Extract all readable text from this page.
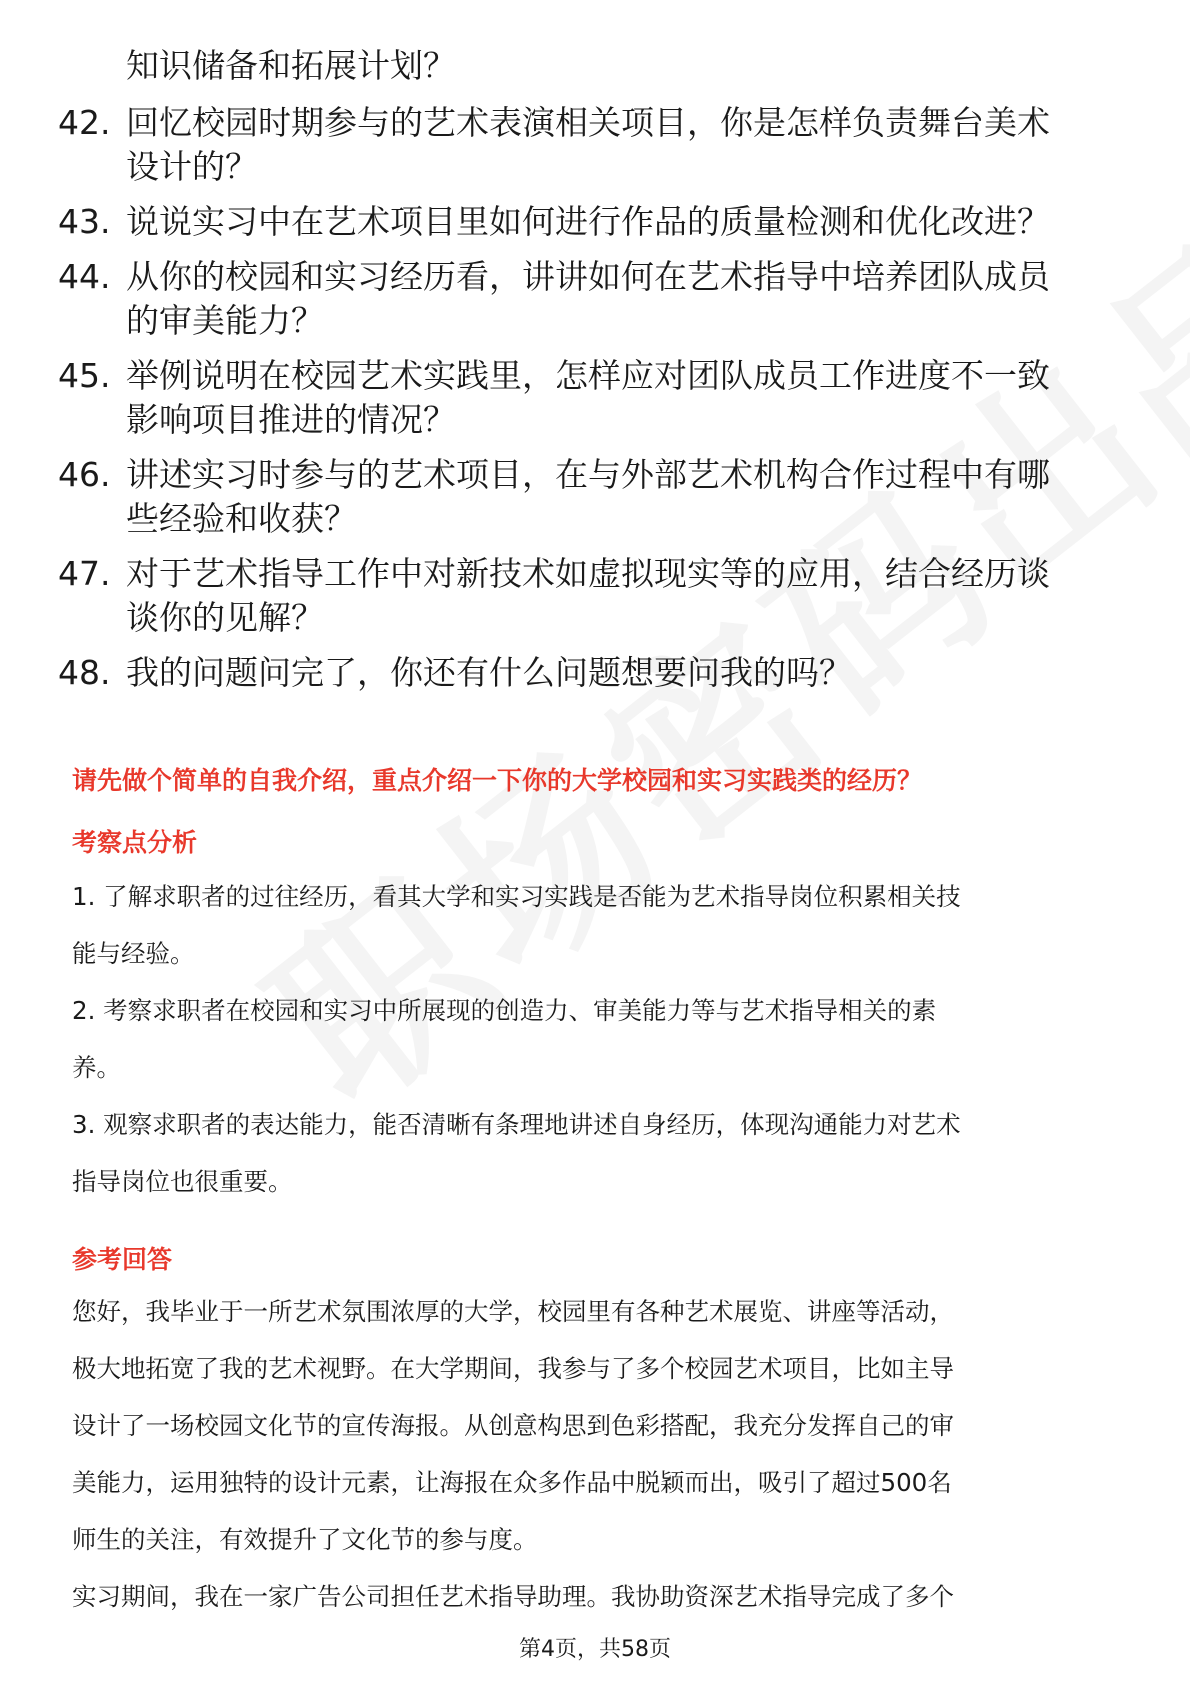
知识储备和拓展计划？
42. 回忆校园时期参与的艺术表演相关项目，你是怎样负责舞台美术
设计的？
43. 说说实习中在艺术项目里如何进行作品的质量检测和优化改进？
44. 从你的校园和实习经历看，讲讲如何在艺术指导中培养团队成员
的审美能力？
45. 举例说明在校园艺术实践里，怎样应对团队成员工作进度不一致
影响项目推进的情况？
46. 讲述实习时参与的艺术项目，在与外部艺术机构合作过程中有哪
些经验和收获？
47. 对于艺术指导工作中对新技术如虚拟现实等的应用，结合经历谈
谈你的见解？
48. 我的问题问完了，你还有什么问题想要问我的吗？
请先做个简单的自我介绍，重点介绍一下你的大学校园和实习实践类的经历？
考察点分析

1. 了解求职者的过往经历，看其大学和实习实践是否能为艺术指导岗位积累相关技

能与经验。

2. 考察求职者在校园和实习中所展现的创造力、审美能力等与艺术指导相关的素

养。

3. 观察求职者的表达能力，能否清晰有条理地讲述自身经历，体现沟通能力对艺术

指导岗位也很重要。

参考回答

您好，我毕业于一所艺术氛围浓厚的大学，校园里有各种艺术展览、讲座等活动，

极大地拓宽了我的艺术视野。在大学期间，我参与了多个校园艺术项目，比如主导

设计了一场校园文化节的宣传海报。从创意构思到色彩搭配，我充分发挥自己的审

美能力，运用独特的设计元素，让海报在众多作品中脱颖而出，吸引了超过500名

师生的关注，有效提升了文化节的参与度。

实习期间，我在一家广告公司担任艺术指导助理。我协助资深艺术指导完成了多个

第4页，共58页
